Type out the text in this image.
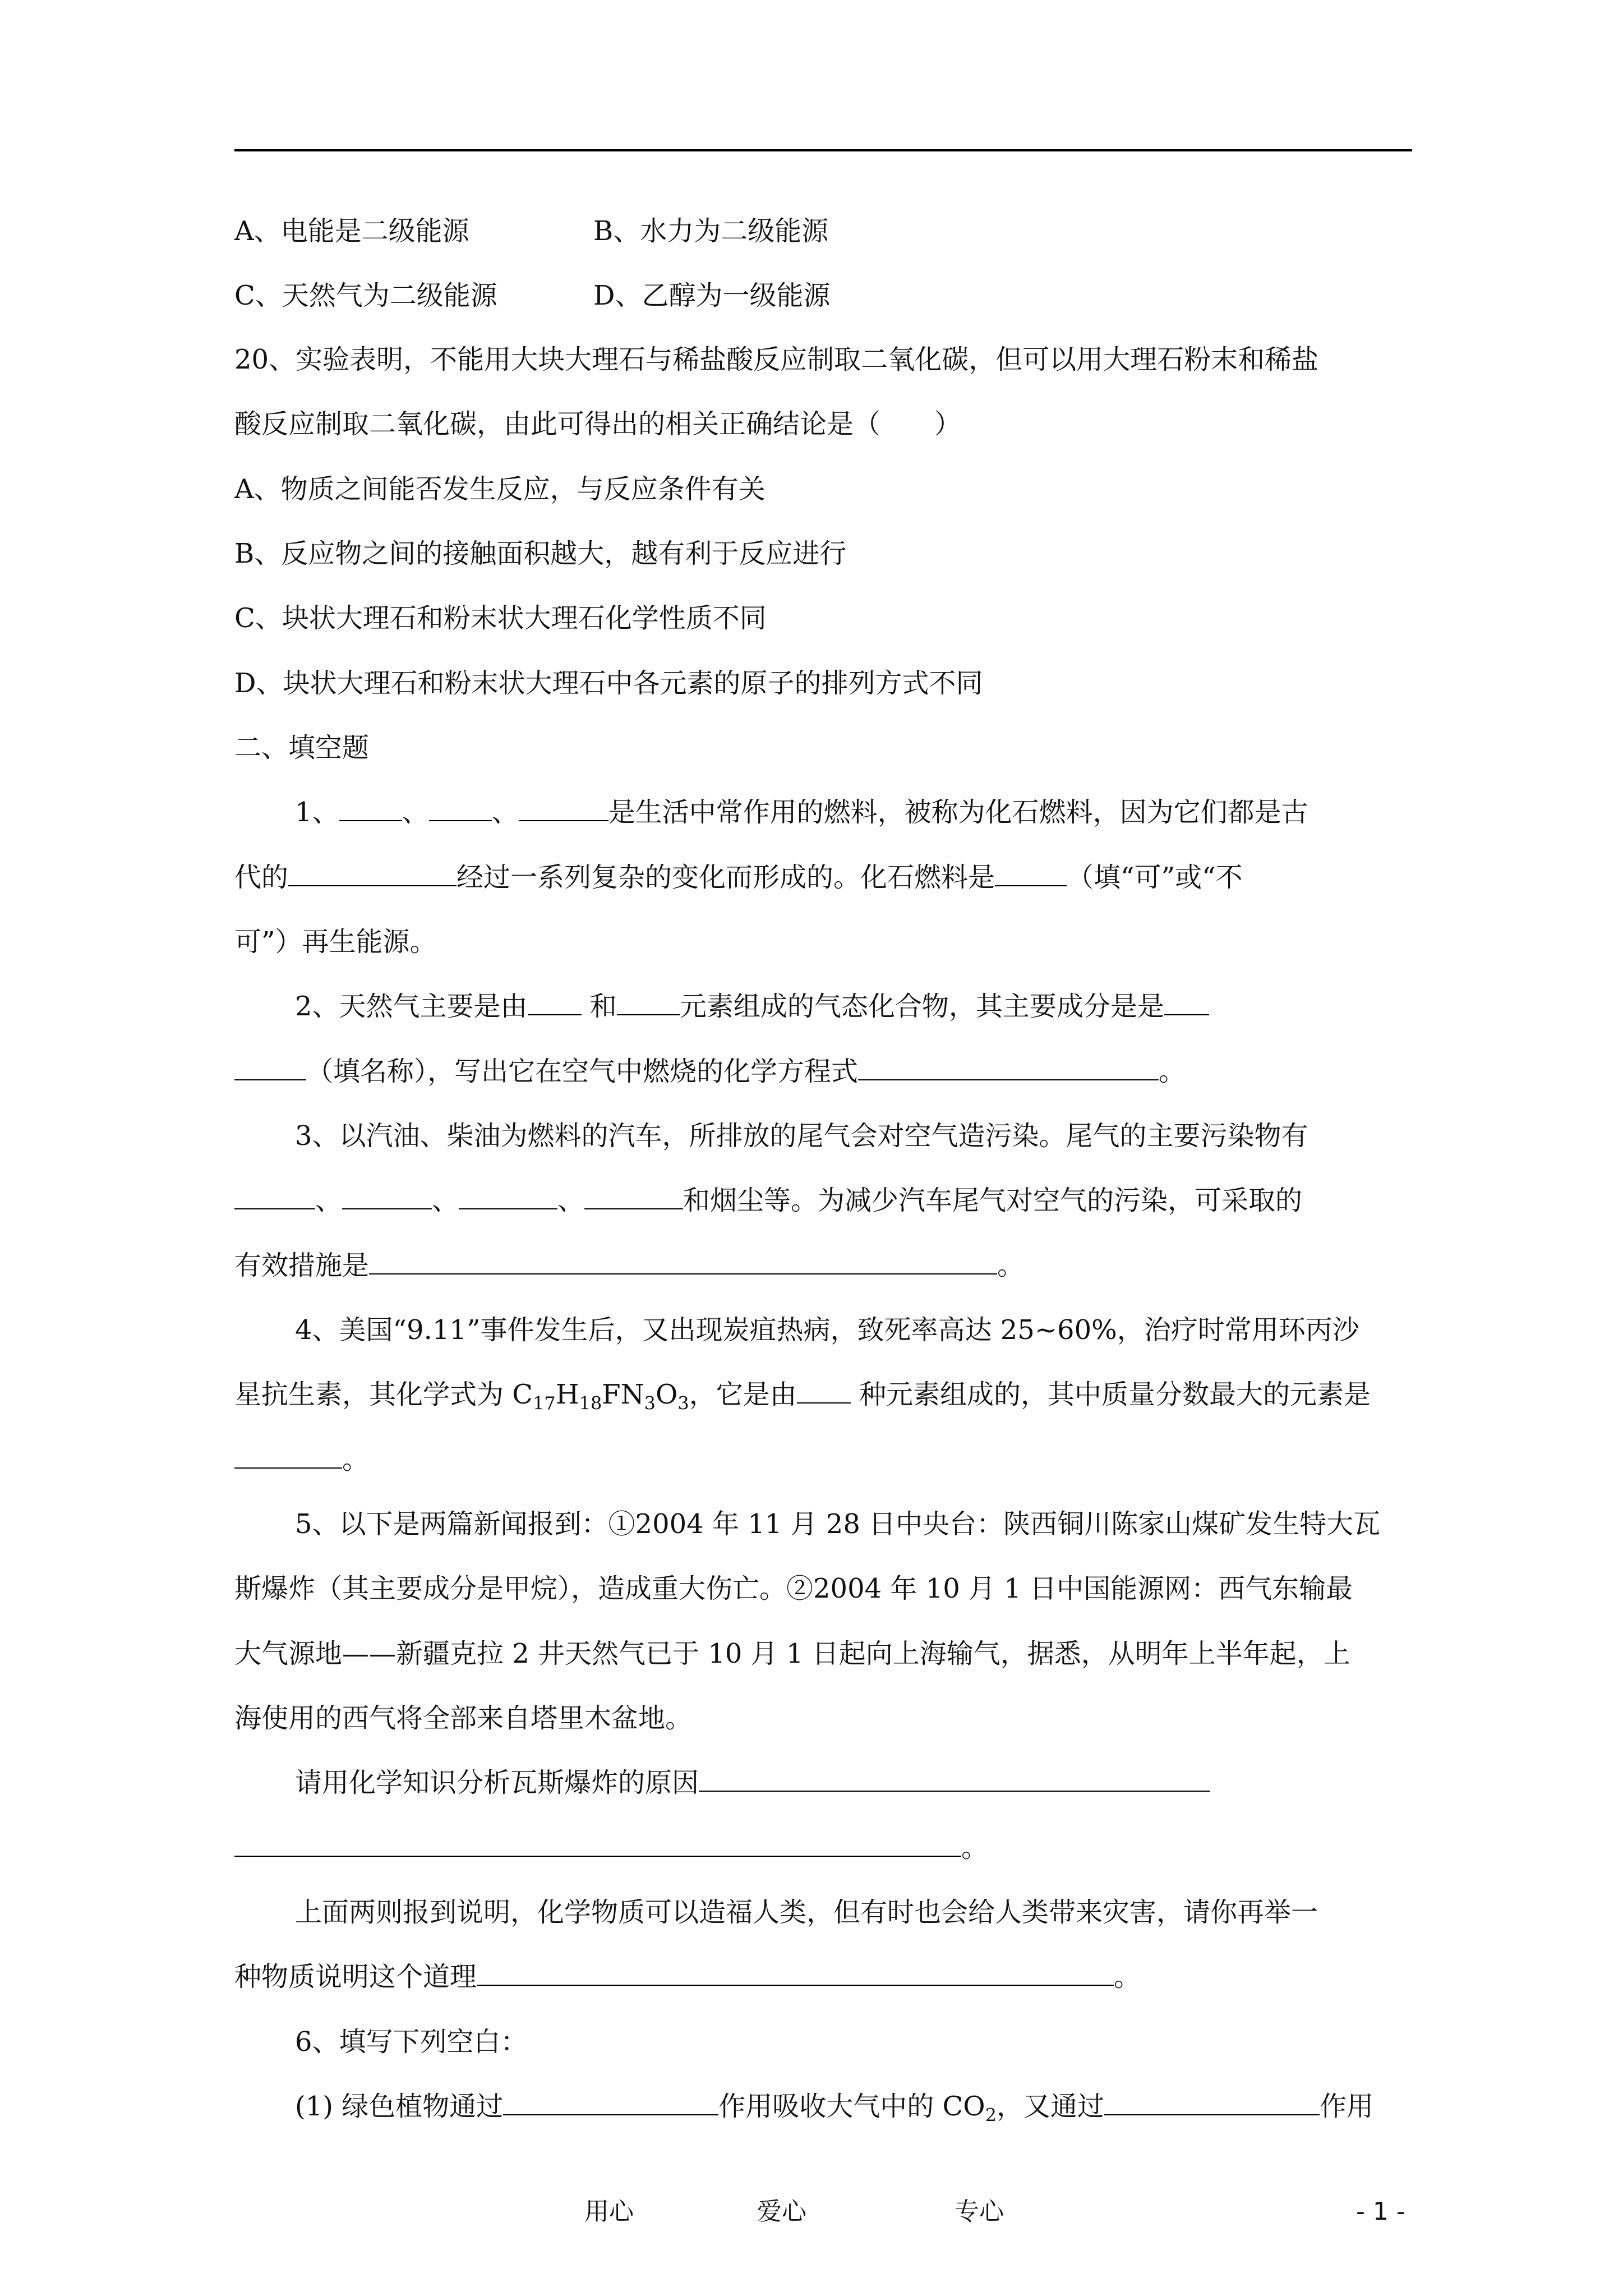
A、电能是二级能源	B、水力为二级能源
C、天然气为二级能源	D、乙醇为一级能源
20、实验表明，不能用大块大理石与稀盐酸反应制取二氧化碳，但可以用大理石粉末和稀盐
酸反应制取二氧化碳，由此可得出的相关正确结论是（　　）
A、物质之间能否发生反应，与反应条件有关
B、反应物之间的接触面积越大，越有利于反应进行
C、块状大理石和粉末状大理石化学性质不同
D、块状大理石和粉末状大理石中各元素的原子的排列方式不同
二、填空题
1、 、 、	是生活中常作用的燃料，被称为化石燃料，因为它们都是古
代的	经过一系列复杂的变化而形成的。化石燃料是	（填“可”或“不
可”）再生能源。
2、天然气主要是由 和 元素组成的气态化合物，其主要成分是是
（填名称），写出它在空气中燃烧的化学方程式	。
3、以汽油、柴油为燃料的汽车，所排放的尾气会对空气造污染。尾气的主要污染物有
、	、	、	和烟尘等。为减少汽车尾气对空气的污染，可采取的
有效措施是	。
4、美国“9.11”事件发生后，又出现炭疽热病，致死率高达 25~60%，治疗时常用环丙沙
星抗生素，其化学式为 $C_{17}H_{18}FN_3O_3$，它是由 种元素组成的，其中质量分数最大的元素是
。
5、以下是两篇新闻报到：①2004 年 11 月 28 日中央台：陕西铜川陈家山煤矿发生特大瓦
斯爆炸（其主要成分是甲烷），造成重大伤亡。②2004 年 10 月 1 日中国能源网：西气东输最
大气源地——新疆克拉 2 井天然气已于 10 月 1 日起向上海输气，据悉，从明年上半年起，上
海使用的西气将全部来自塔里木盆地。
请用化学知识分析瓦斯爆炸的原因
。
上面两则报到说明，化学物质可以造福人类，但有时也会给人类带来灾害，请你再举一
种物质说明这个道理	。
6、填写下列空白：
(1) 绿色植物通过	作用吸收大气中的 $CO_2$，又通过	作用
用心	爱心	专心	- 1 -
